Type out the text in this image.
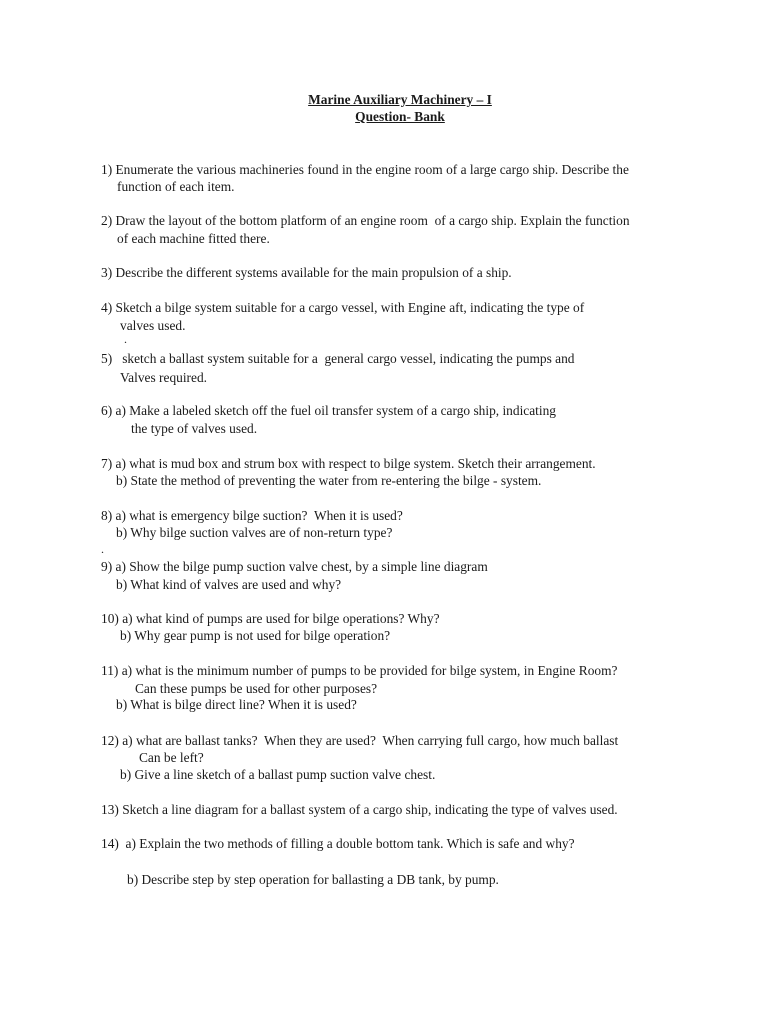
Marine Auxiliary Machinery – I
Question- Bank

1) Enumerate the various machineries found in the engine room of a large cargo ship. Describe the

function of each item.

2) Draw the layout of the bottom platform of an engine room  of a cargo ship. Explain the function

of each machine fitted there.

3) Describe the different systems available for the main propulsion of a ship.

4) Sketch a bilge system suitable for a cargo vessel, with Engine aft, indicating the type of

valves used.

.

5)   sketch a ballast system suitable for a  general cargo vessel, indicating the pumps and

Valves required.

6) a) Make a labeled sketch off the fuel oil transfer system of a cargo ship, indicating

the type of valves used.

7) a) what is mud box and strum box with respect to bilge system. Sketch their arrangement.

b) State the method of preventing the water from re-entering the bilge - system.

8) a) what is emergency bilge suction?  When it is used?

b) Why bilge suction valves are of non-return type?

.

9) a) Show the bilge pump suction valve chest, by a simple line diagram

b) What kind of valves are used and why?

10) a) what kind of pumps are used for bilge operations? Why?

b) Why gear pump is not used for bilge operation?

11) a) what is the minimum number of pumps to be provided for bilge system, in Engine Room?

Can these pumps be used for other purposes?

b) What is bilge direct line? When it is used?

12) a) what are ballast tanks?  When they are used?  When carrying full cargo, how much ballast

Can be left?

b) Give a line sketch of a ballast pump suction valve chest.

13) Sketch a line diagram for a ballast system of a cargo ship, indicating the type of valves used.

14)  a) Explain the two methods of filling a double bottom tank. Which is safe and why?

b) Describe step by step operation for ballasting a DB tank, by pump.
